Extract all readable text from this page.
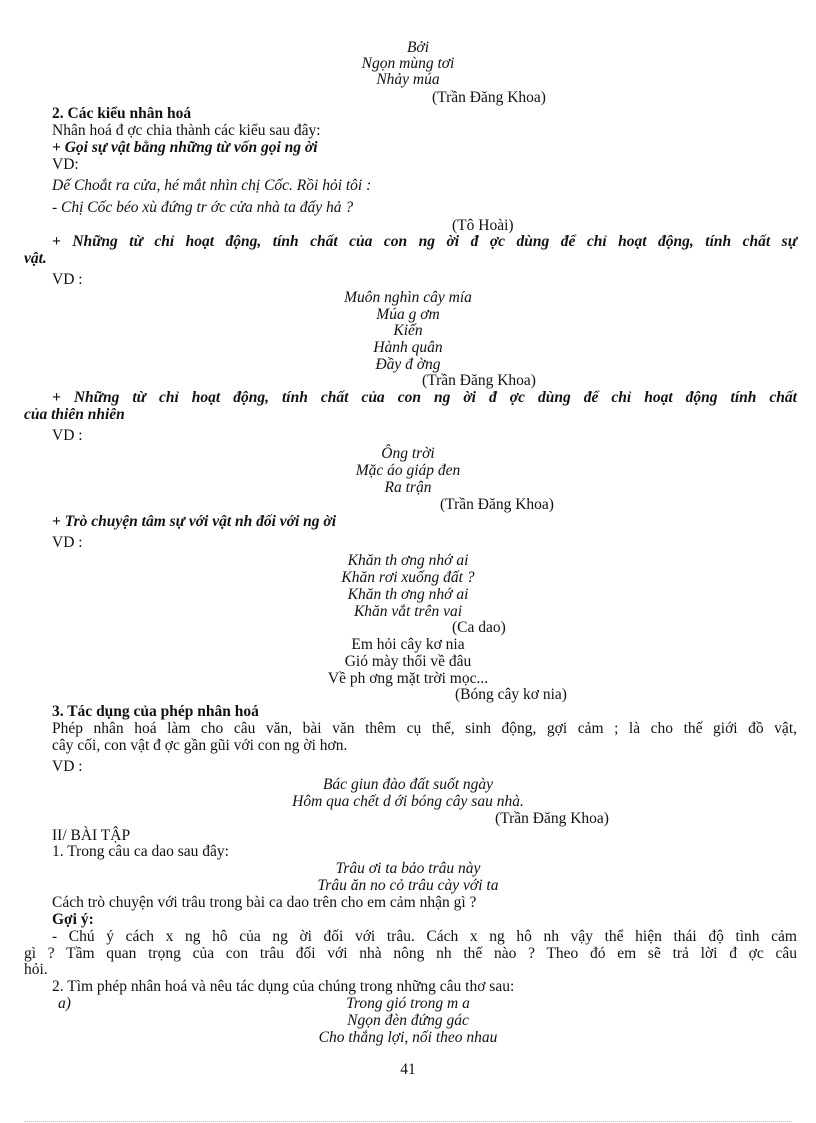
Bởi
Ngọn mùng tơi
Nhảy múa
(Trần Đăng Khoa)
2. Các kiểu nhân hoá
Nhân hoá đ ợc chia thành các kiểu sau đây:
+ Gọi sự vật bằng những từ vốn gọi ng ời
VD:
Dế Choắt ra cửa, hé mắt nhìn chị Cốc. Rồi hỏi tôi :
- Chị Cốc béo xù đứng tr ớc cửa nhà ta đấy hả ?
(Tô Hoài)
+ Những từ chỉ hoạt động, tính chất của con ng ời đ ợc dùng để chỉ hoạt động, tính chất sự
vật.
VD :
Muôn nghìn cây mía
Múa g ơm
Kiến
Hành quân
Đầy đ ờng
(Trần Đăng Khoa)
+ Những từ chỉ hoạt động, tính chất của con ng ời đ ợc dùng để chỉ hoạt động tính chất
của thiên nhiên
VD :
Ông trời
Mặc áo giáp đen
Ra trận
(Trần Đăng Khoa)
+ Trò chuyện tâm sự với vật nh đối với ng ời
VD :
Khăn th ơng nhớ ai
Khăn rơi xuống đất ?
Khăn th ơng nhớ ai
Khăn vắt trên vai
(Ca dao)
Em hỏi cây kơ nia
Gió mày thổi về đâu
Về ph ơng mặt trời mọc...
(Bóng cây kơ nia)
3. Tác dụng của phép nhân hoá
Phép nhân hoá làm cho câu văn, bài văn thêm cụ thể, sinh động, gợi cảm ; là cho thế giới đồ vật,
cây cối, con vật đ ợc gần gũi với con ng ời hơn.
VD :
Bác giun đào đất suốt ngày
Hôm qua chết d ới bóng cây sau nhà.
(Trần Đăng Khoa)
II/ BÀI TẬP
1. Trong câu ca dao sau đây:
Trâu ơi ta bảo trâu này
Trâu ăn no cỏ trâu cày với ta
Cách trò chuyện với trâu trong bài ca dao trên cho em cảm nhận gì ?
Gợi ý:
- Chú ý cách x ng hô của ng ời đối với trâu. Cách x ng hô nh vậy thể hiện thái độ tình cảm
gì ? Tầm quan trọng của con trâu đối với nhà nông nh thế nào ? Theo đó em sẽ trả lời đ ợc câu
hỏi.
2. Tìm phép nhân hoá và nêu tác dụng của chúng trong những câu thơ sau:
a)	Trong gió trong m a
Ngọn đèn đứng gác
Cho thắng lợi, nối theo nhau
41
